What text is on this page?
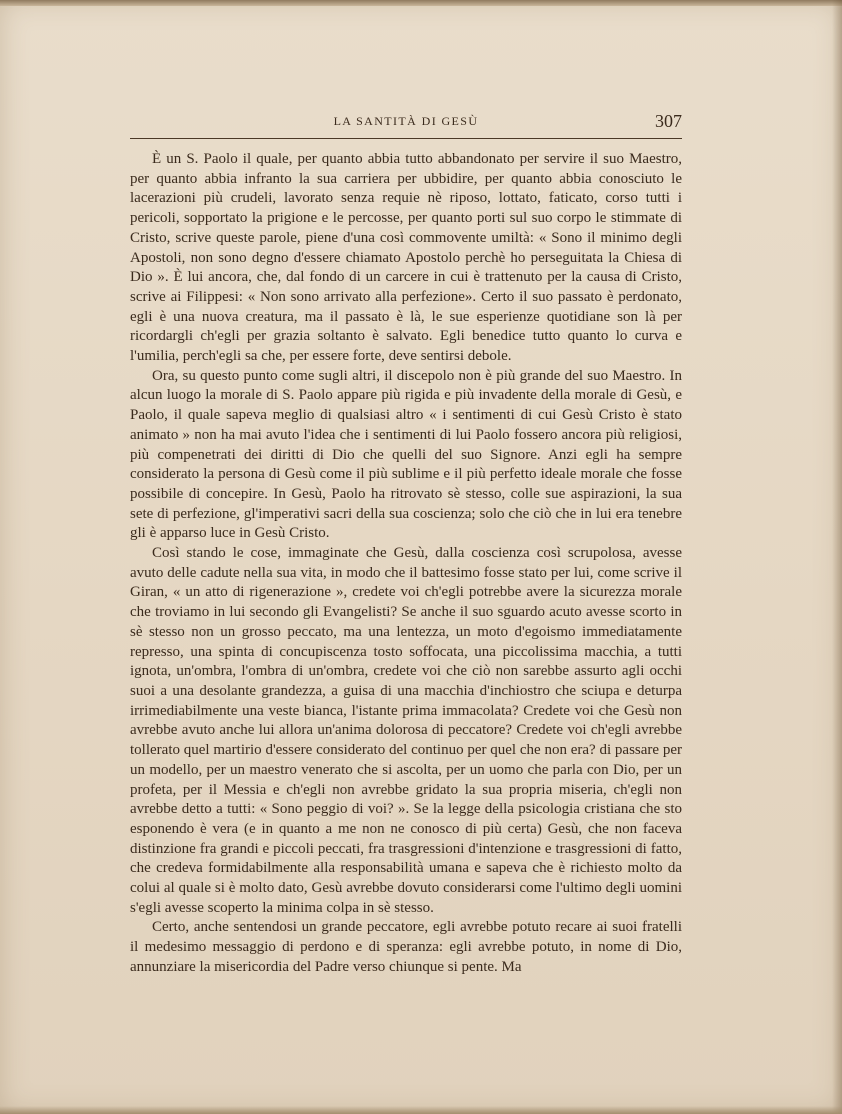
LA SANTITÀ DI GESÙ	307

È un S. Paolo il quale, per quanto abbia tutto abbandonato per servire il suo Maestro, per quanto abbia infranto la sua carriera per ubbidire, per quanto abbia conosciuto le lacerazioni più crudeli, lavorato senza requie nè riposo, lottato, faticato, corso tutti i pericoli, sopportato la prigione e le percosse, per quanto porti sul suo corpo le stimmate di Cristo, scrive queste parole, piene d'una così commovente umiltà: « Sono il minimo degli Apostoli, non sono degno d'essere chiamato Apostolo perchè ho perseguitata la Chiesa di Dio ». È lui ancora, che, dal fondo di un carcere in cui è trattenuto per la causa di Cristo, scrive ai Filippesi: « Non sono arrivato alla perfezione». Certo il suo passato è perdonato, egli è una nuova creatura, ma il passato è là, le sue esperienze quotidiane son là per ricordargli ch'egli per grazia soltanto è salvato. Egli benedice tutto quanto lo curva e l'umilia, perch'egli sa che, per essere forte, deve sentirsi debole.

Ora, su questo punto come sugli altri, il discepolo non è più grande del suo Maestro. In alcun luogo la morale di S. Paolo appare più rigida e più invadente della morale di Gesù, e Paolo, il quale sapeva meglio di qualsiasi altro « i sentimenti di cui Gesù Cristo è stato animato » non ha mai avuto l'idea che i sentimenti di lui Paolo fossero ancora più religiosi, più compenetrati dei diritti di Dio che quelli del suo Signore. Anzi egli ha sempre considerato la persona di Gesù come il più sublime e il più perfetto ideale morale che fosse possibile di concepire. In Gesù, Paolo ha ritrovato sè stesso, colle sue aspirazioni, la sua sete di perfezione, gl'imperativi sacri della sua coscienza; solo che ciò che in lui era tenebre gli è apparso luce in Gesù Cristo.

Così stando le cose, immaginate che Gesù, dalla coscienza così scrupolosa, avesse avuto delle cadute nella sua vita, in modo che il battesimo fosse stato per lui, come scrive il Giran, « un atto di rigenerazione », credete voi ch'egli potrebbe avere la sicurezza morale che troviamo in lui secondo gli Evangelisti? Se anche il suo sguardo acuto avesse scorto in sè stesso non un grosso peccato, ma una lentezza, un moto d'egoismo immediatamente represso, una spinta di concupiscenza tosto soffocata, una piccolissima macchia, a tutti ignota, un'ombra, l'ombra di un'ombra, credete voi che ciò non sarebbe assurto agli occhi suoi a una desolante grandezza, a guisa di una macchia d'inchiostro che sciupa e deturpa irrimediabilmente una veste bianca, l'istante prima immacolata? Credete voi che Gesù non avrebbe avuto anche lui allora un'anima dolorosa di peccatore? Credete voi ch'egli avrebbe tollerato quel martirio d'essere considerato del continuo per quel che non era? di passare per un modello, per un maestro venerato che si ascolta, per un uomo che parla con Dio, per un profeta, per il Messia e ch'egli non avrebbe gridato la sua propria miseria, ch'egli non avrebbe detto a tutti: « Sono peggio di voi? ». Se la legge della psicologia cristiana che sto esponendo è vera (e in quanto a me non ne conosco di più certa) Gesù, che non faceva distinzione fra grandi e piccoli peccati, fra trasgressioni d'intenzione e trasgressioni di fatto, che credeva formidabilmente alla responsabilità umana e sapeva che è richiesto molto da colui al quale si è molto dato, Gesù avrebbe dovuto considerarsi come l'ultimo degli uomini s'egli avesse scoperto la minima colpa in sè stesso.

Certo, anche sentendosi un grande peccatore, egli avrebbe potuto recare ai suoi fratelli il medesimo messaggio di perdono e di speranza: egli avrebbe potuto, in nome di Dio, annunziare la misericordia del Padre verso chiunque si pente. Ma
